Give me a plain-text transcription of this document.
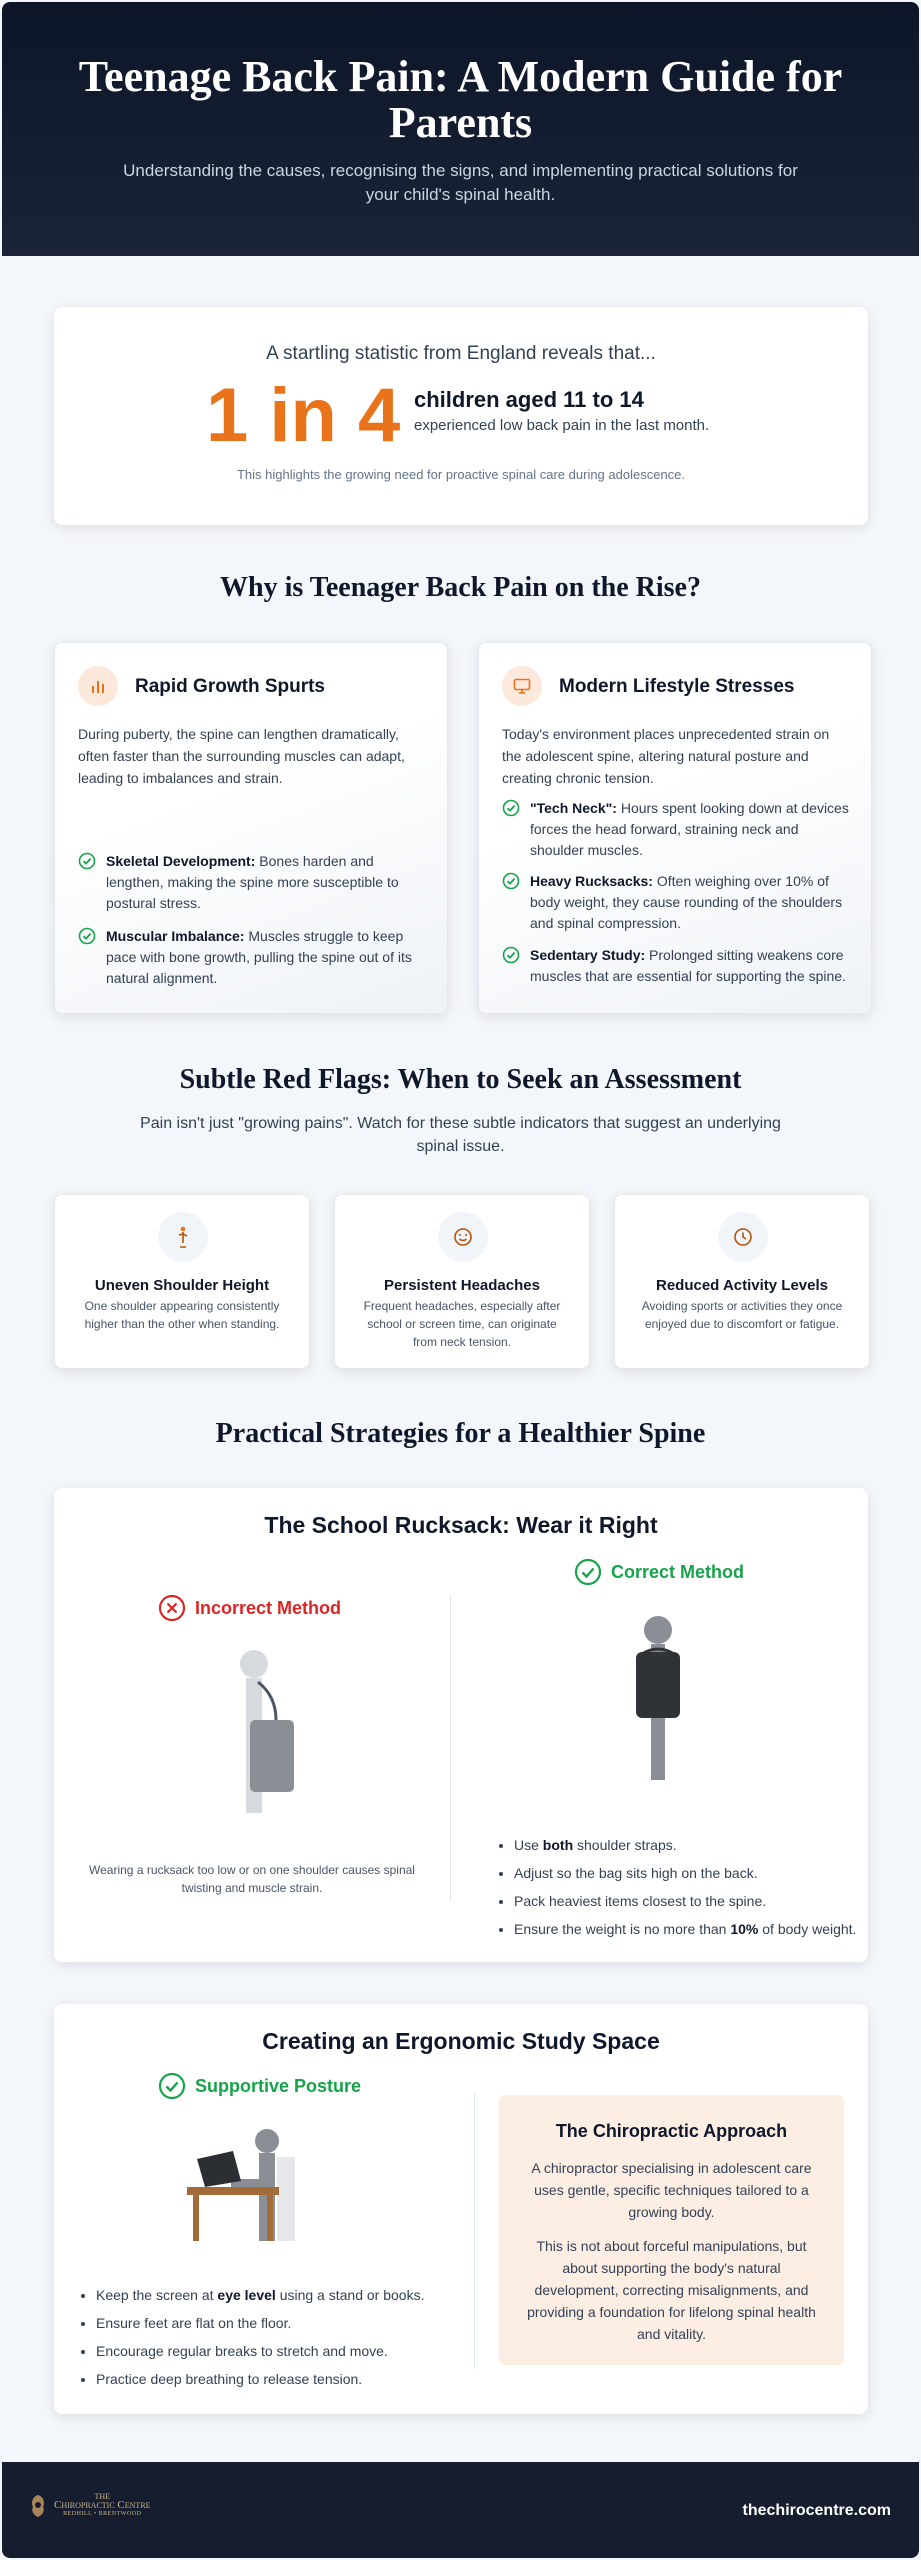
Teenage Back Pain: A Modern Guide for Parents

Understanding the causes, recognising the signs, and implementing practical solutions for your child's spinal health.

A startling statistic from England reveals that...
1 in 4 children aged 11 to 14
experienced low back pain in the last month.
This highlights the growing need for proactive spinal care during adolescence.
Why is Teenager Back Pain on the Rise?
Rapid Growth Spurts

During puberty, the spine can lengthen dramatically, often faster than the surrounding muscles can adapt, leading to imbalances and strain.

Skeletal Development: Bones harden and lengthen, making the spine more susceptible to postural stress.
Muscular Imbalance: Muscles struggle to keep pace with bone growth, pulling the spine out of its natural alignment.
Modern Lifestyle Stresses

Today's environment places unprecedented strain on the adolescent spine, altering natural posture and creating chronic tension.

"Tech Neck": Hours spent looking down at devices forces the head forward, straining neck and shoulder muscles.
Heavy Rucksacks: Often weighing over 10% of body weight, they cause rounding of the shoulders and spinal compression.
Sedentary Study: Prolonged sitting weakens core muscles that are essential for supporting the spine.
Subtle Red Flags: When to Seek an Assessment

Pain isn't just "growing pains". Watch for these subtle indicators that suggest an underlying spinal issue.

Uneven Shoulder Height

One shoulder appearing consistently higher than the other when standing.

Persistent Headaches

Frequent headaches, especially after school or screen time, can originate from neck tension.

Reduced Activity Levels

Avoiding sports or activities they once enjoyed due to discomfort or fatigue.

Practical Strategies for a Healthier Spine
The School Rucksack: Wear it Right
Incorrect Method

Wearing a rucksack too low or on one shoulder causes spinal twisting and muscle strain.

Correct Method
• Use both shoulder straps.
• Adjust so the bag sits high on the back.
• Pack heaviest items closest to the spine.
• Ensure the weight is no more than 10% of body weight.
Creating an Ergonomic Study Space
Supportive Posture
• Keep the screen at eye level using a stand or books.
• Ensure feet are flat on the floor.
• Encourage regular breaks to stretch and move.
• Practice deep breathing to release tension.
The Chiropractic Approach

A chiropractor specialising in adolescent care uses gentle, specific techniques tailored to a growing body.

This is not about forceful manipulations, but about supporting the body's natural development, correcting misalignments, and providing a foundation for lifelong spinal health and vitality.

THE
Chiropractic Centre
REDHILL • BRENTWOOD	thechirocentre.com
